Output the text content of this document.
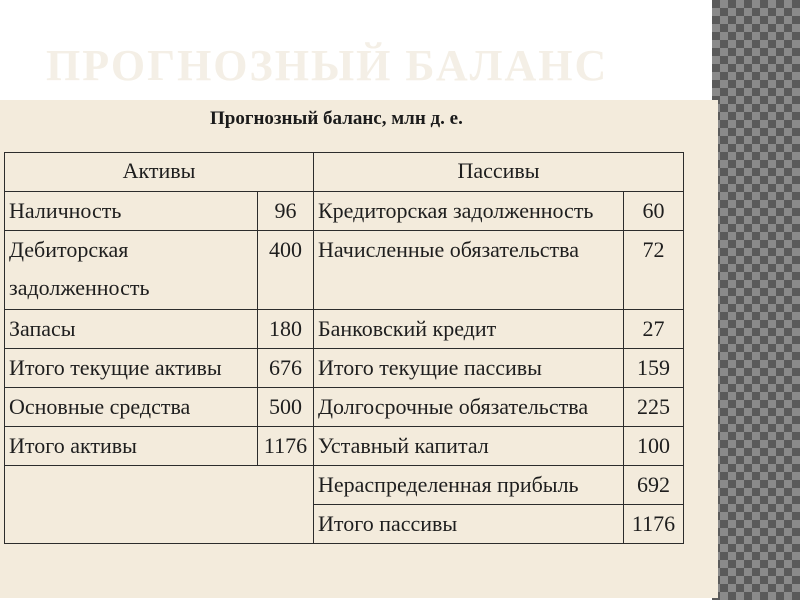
ПРОГНОЗНЫЙ БАЛАНС
Прогнозный баланс, млн д. е.
Активы		Пассивы	
Наличность	96	Кредиторская задолженность	60
Дебиторская задолженность	400	Начисленные обязательства	72
Запасы	180	Банковский кредит	27
Итого текущие активы	676	Итого текущие пассивы	159
Основные средства	500	Долгосрочные обязательства	225
Итого активы	1176	Уставный капитал	100
		Нераспределенная прибыль	692
		Итого пассивы	1176
